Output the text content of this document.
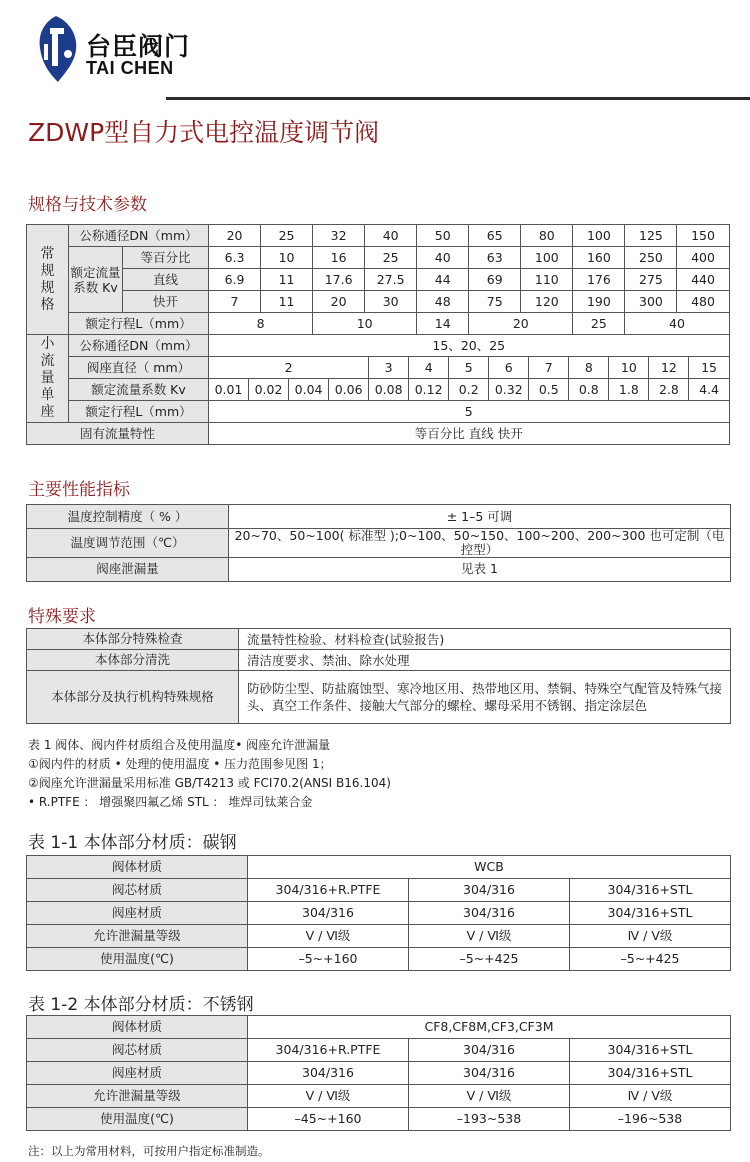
台臣阀门
TAI CHEN
ZDWP型自力式电控温度调节阀
规格与技术参数
常规规格	公称通径DN（mm）		20		25		32		40			50		65		80			100		125		150	
	额定流量系数 Kv	等百分比	6.3		10		16		25			40		63		100			160		250		400	
		直线	6.9		11		17.6		27.5			44		69		110			176		275		440	
		快开	7		11		20		30			48		75		120			190		300		480	
	额定行程L（mm）		8				10					14		20					25		40			

小流量单座	公称通径DN（mm）		15、20、25																					
	阀座直径（ mm）		2							3	4		5		6		7	8		10		12		15
	额定流量系数 Kv		0.01	0.02		0.04		0.06		0.08	0.12		0.2		0.32		0.5	0.8		1.8		2.8		4.4
	额定行程L（mm）		5																					
固有流量特性			等百分比 直线 快开																					
温度控制精度（ % ）	± 1–5 可调
温度调节范围（℃）	20~70、50~100( 标准型 );0~100、50~150、100~200、200~300 也可定制（电控型）
阀座泄漏量	见表 1
本体部分特殊检查	流量特性检验、材料检查(试验报告)
本体部分清洗	清洁度要求、禁油、除水处理
本体部分及执行机构特殊规格	防砂防尘型、防盐腐蚀型、寒冷地区用、热带地区用、禁铜、特殊空气配管及特殊气接头、真空工作条件、接触大气部分的螺栓、螺母采用不锈钢、指定涂层色
阀体材质	WCB		
阀芯材质	304/316+R.PTFE	304/316	304/316+STL
阀座材质	304/316	304/316	304/316+STL
允许泄漏量等级	Ⅴ / Ⅵ级	Ⅴ / Ⅵ级	Ⅳ / Ⅴ级
使用温度(℃)	–5~+160	–5~+425	–5~+425
阀体材质	CF8,CF8M,CF3,CF3M		
阀芯材质	304/316+R.PTFE	304/316	304/316+STL
阀座材质	304/316	304/316	304/316+STL
允许泄漏量等级	Ⅴ / Ⅵ级	Ⅴ / Ⅵ级	Ⅳ / Ⅴ级
使用温度(℃)	–45~+160	–193~538	–196~538
表 1 阀体、阀内件材质组合及使用温度• 阀座允许泄漏量
①阀内件的材质 • 处理的使用温度 • 压力范围参见图 1；
②阀座允许泄漏量采用标准 GB/T4213 或 FCI70.2(ANSI B16.104)
• R.PTFE ： 增强聚四氟乙烯 STL ： 堆焊司钛莱合金
主要性能指标
特殊要求
表 1-1 本体部分材质：碳钢
表 1-2 本体部分材质：不锈钢
注：以上为常用材料，可按用户指定标准制造。
